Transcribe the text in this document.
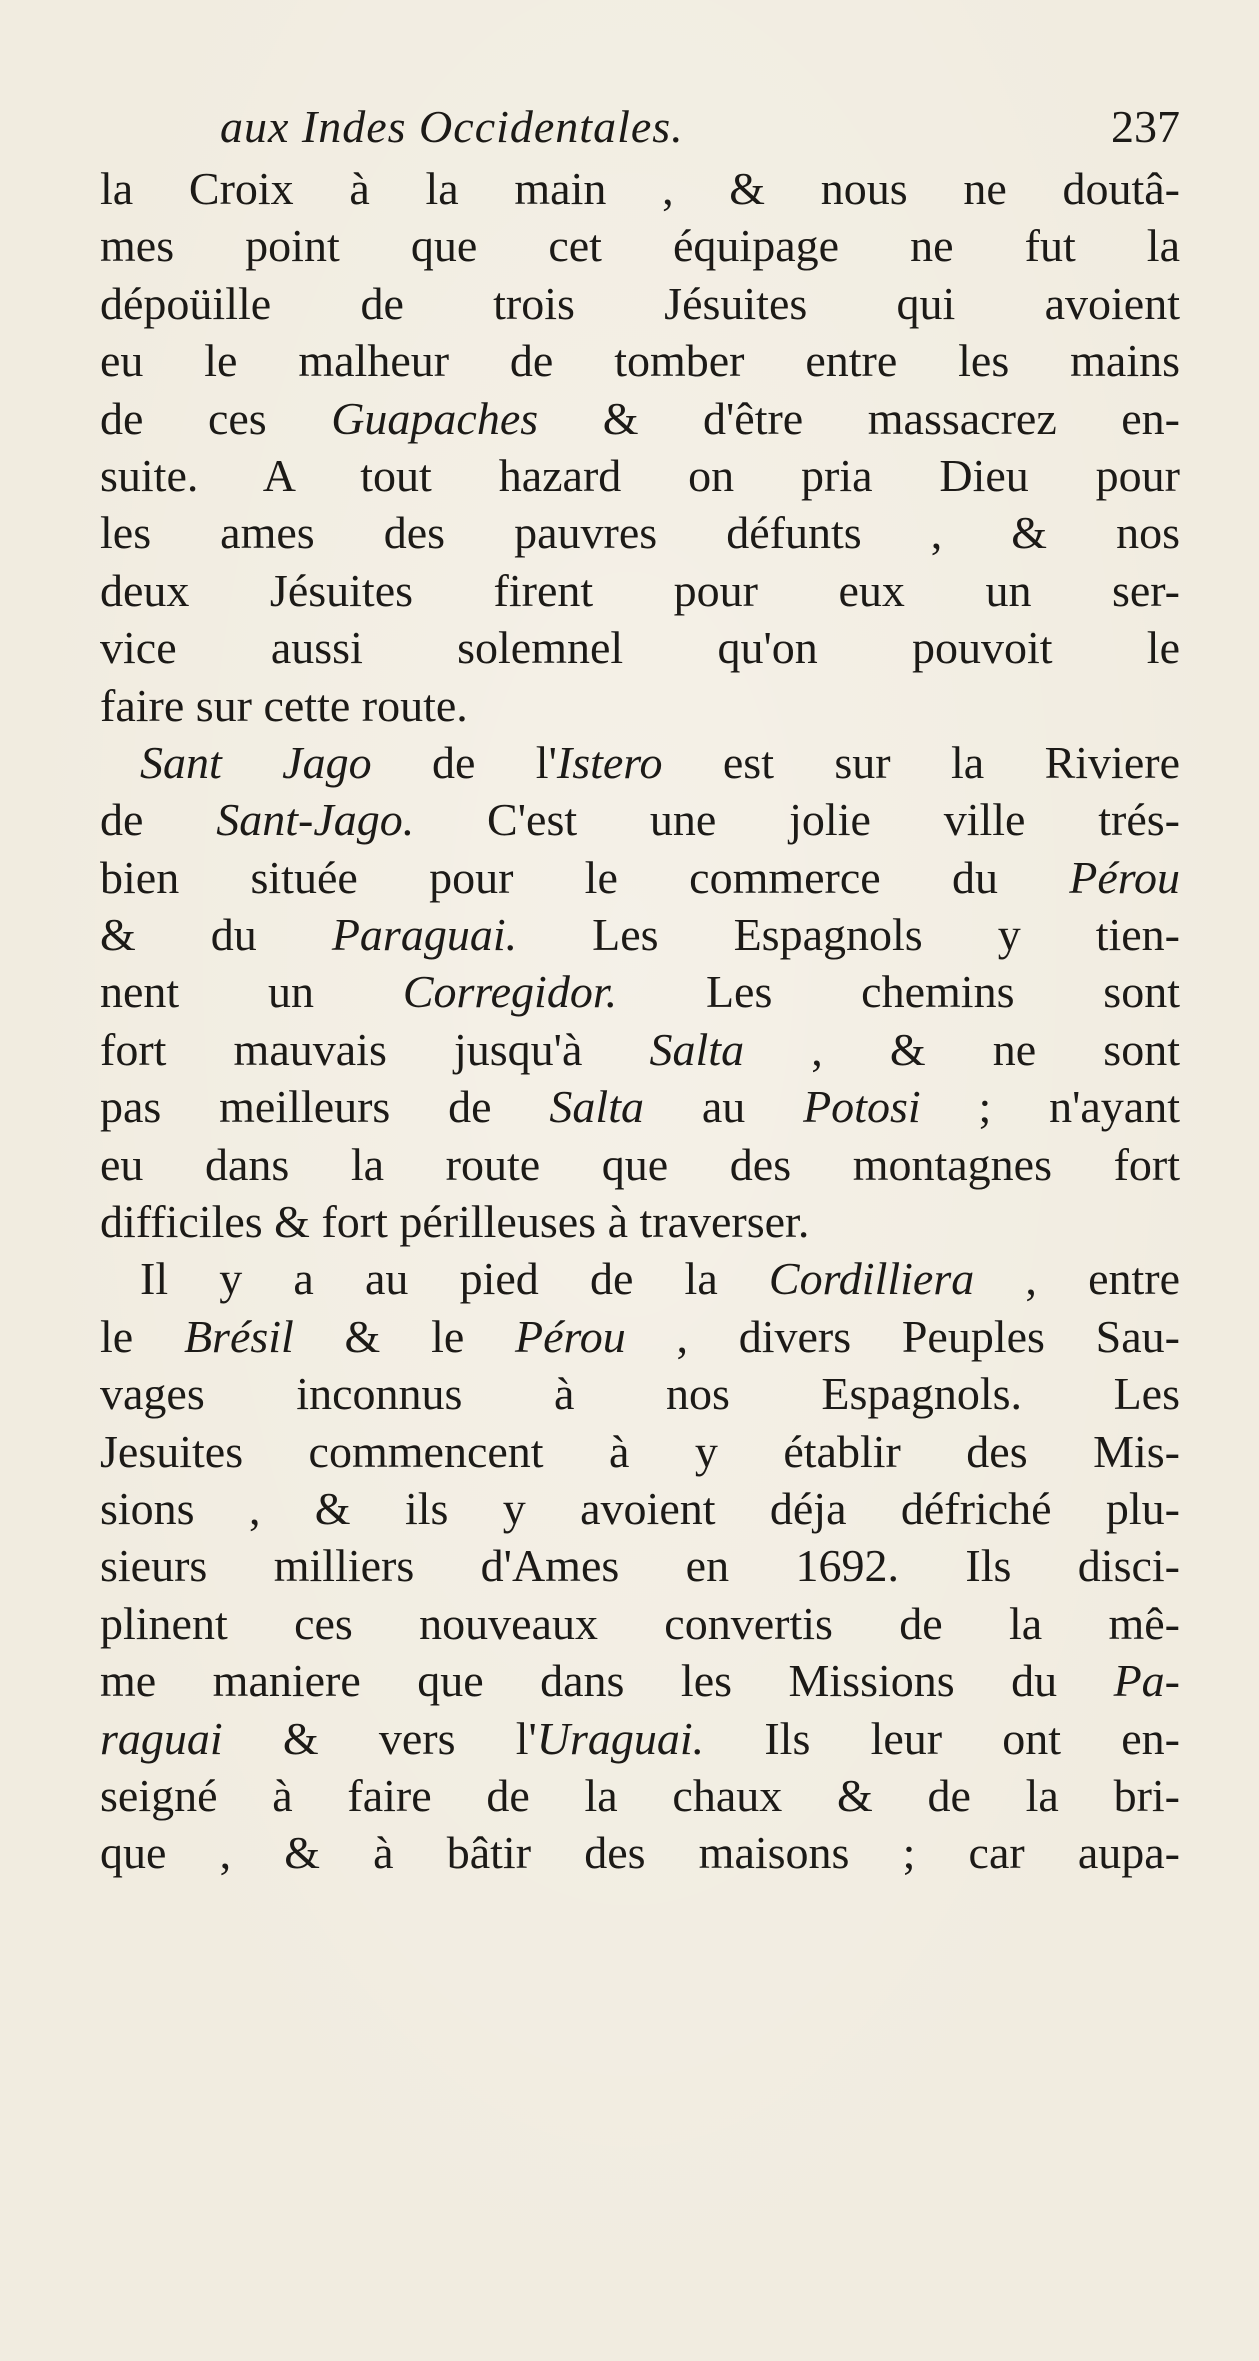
aux Indes Occidentales.	237
la Croix à la main , & nous ne doutâ-
mes point que cet équipage ne fut la
dépoüille de trois Jésuites qui avoient
eu le malheur de tomber entre les mains
de ces Guapaches & d'être massacrez en-
suite. A tout hazard on pria Dieu pour
les ames des pauvres défunts , & nos
deux Jésuites firent pour eux un ser-
vice aussi solemnel qu'on pouvoit le
faire sur cette route.
Sant Jago de l'Istero est sur la Riviere
de Sant-Jago. C'est une jolie ville trés-
bien située pour le commerce du Pérou
& du Paraguai. Les Espagnols y tien-
nent un Corregidor. Les chemins sont
fort mauvais jusqu'à Salta , & ne sont
pas meilleurs de Salta au Potosi ; n'ayant
eu dans la route que des montagnes fort
difficiles & fort périlleuses à traverser.
Il y a au pied de la Cordilliera , entre
le Brésil & le Pérou , divers Peuples Sau-
vages inconnus à nos Espagnols. Les
Jesuites commencent à y établir des Mis-
sions , & ils y avoient déja défriché plu-
sieurs milliers d'Ames en 1692. Ils disci-
plinent ces nouveaux convertis de la mê-
me maniere que dans les Missions du Pa-
raguai & vers l'Uraguai. Ils leur ont en-
seigné à faire de la chaux & de la bri-
que , & à bâtir des maisons ; car aupa-
